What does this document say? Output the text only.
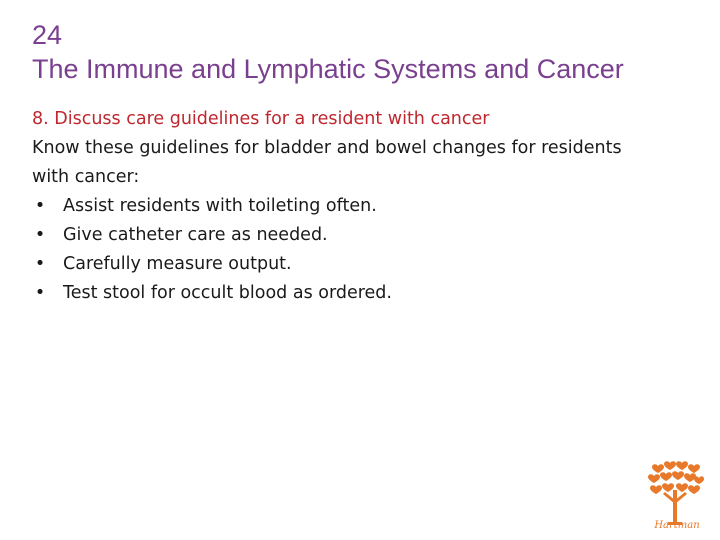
24
The Immune and Lymphatic Systems and Cancer
8. Discuss care guidelines for a resident with cancer

Know these guidelines for bladder and bowel changes for residents with cancer:

• Assist residents with toileting often.
• Give catheter care as needed.
• Carefully measure output.
• Test stool for occult blood as ordered.
Hartman
